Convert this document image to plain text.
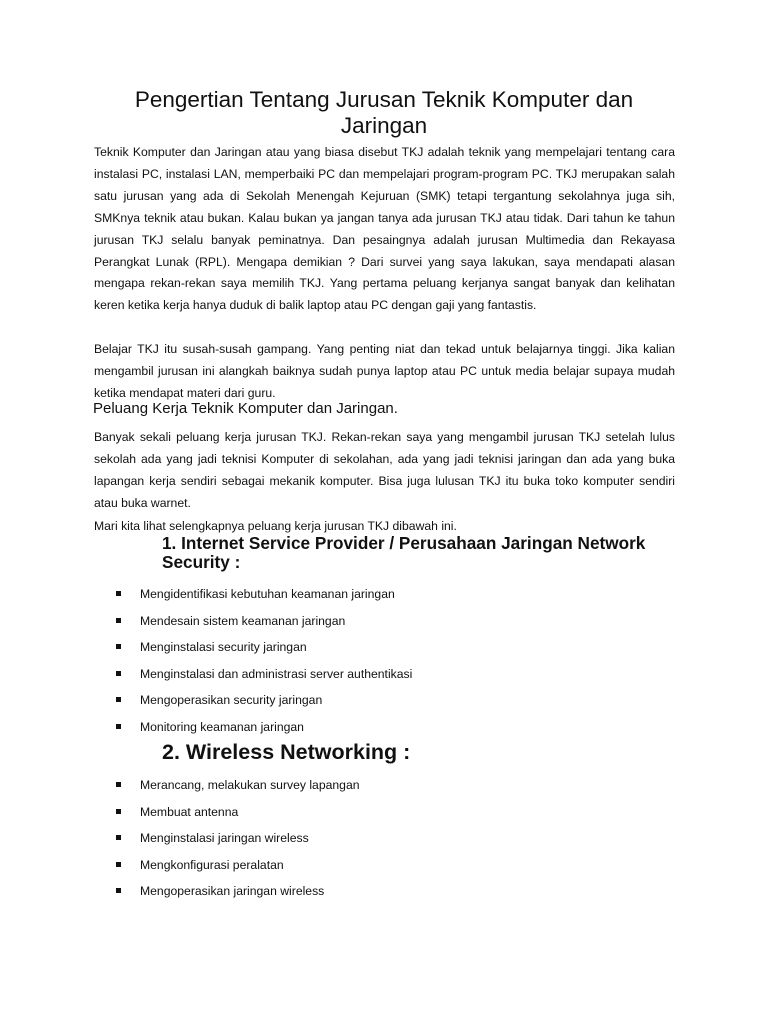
Pengertian Tentang Jurusan Teknik Komputer dan Jaringan

Teknik Komputer dan Jaringan atau yang biasa disebut TKJ adalah teknik yang mempelajari tentang cara instalasi PC, instalasi LAN, memperbaiki PC dan mempelajari program-program PC. TKJ merupakan salah satu jurusan yang ada di Sekolah Menengah Kejuruan (SMK) tetapi tergantung sekolahnya juga sih, SMKnya teknik atau bukan. Kalau bukan ya jangan tanya ada jurusan TKJ atau tidak. Dari tahun ke tahun jurusan TKJ selalu banyak peminatnya. Dan pesaingnya adalah jurusan Multimedia dan Rekayasa Perangkat Lunak (RPL). Mengapa demikian ? Dari survei yang saya lakukan, saya mendapati alasan mengapa rekan-rekan saya memilih TKJ. Yang pertama peluang kerjanya sangat banyak dan kelihatan keren ketika kerja hanya duduk di balik laptop atau PC dengan gaji yang fantastis.

Belajar TKJ itu susah-susah gampang. Yang penting niat dan tekad untuk belajarnya tinggi. Jika kalian mengambil jurusan ini alangkah baiknya sudah punya laptop atau PC untuk media belajar supaya mudah ketika mendapat materi dari guru.

Peluang Kerja Teknik Komputer dan Jaringan.

Banyak sekali peluang kerja jurusan TKJ. Rekan-rekan saya yang mengambil jurusan TKJ setelah lulus sekolah ada yang jadi teknisi Komputer di sekolahan, ada yang jadi teknisi jaringan dan ada yang buka lapangan kerja sendiri sebagai mekanik komputer. Bisa juga lulusan TKJ itu buka toko komputer sendiri atau buka warnet.

Mari kita lihat selengkapnya peluang kerja jurusan TKJ dibawah ini.

1. Internet Service Provider / Perusahaan Jaringan Network Security :
Mengidentifikasi kebutuhan keamanan jaringan
Mendesain sistem keamanan jaringan
Menginstalasi security jaringan
Menginstalasi dan administrasi server authentikasi
Mengoperasikan security jaringan
Monitoring keamanan jaringan
2. Wireless Networking :
Merancang, melakukan survey lapangan
Membuat antenna
Menginstalasi jaringan wireless
Mengkonfigurasi peralatan
Mengoperasikan jaringan wireless
